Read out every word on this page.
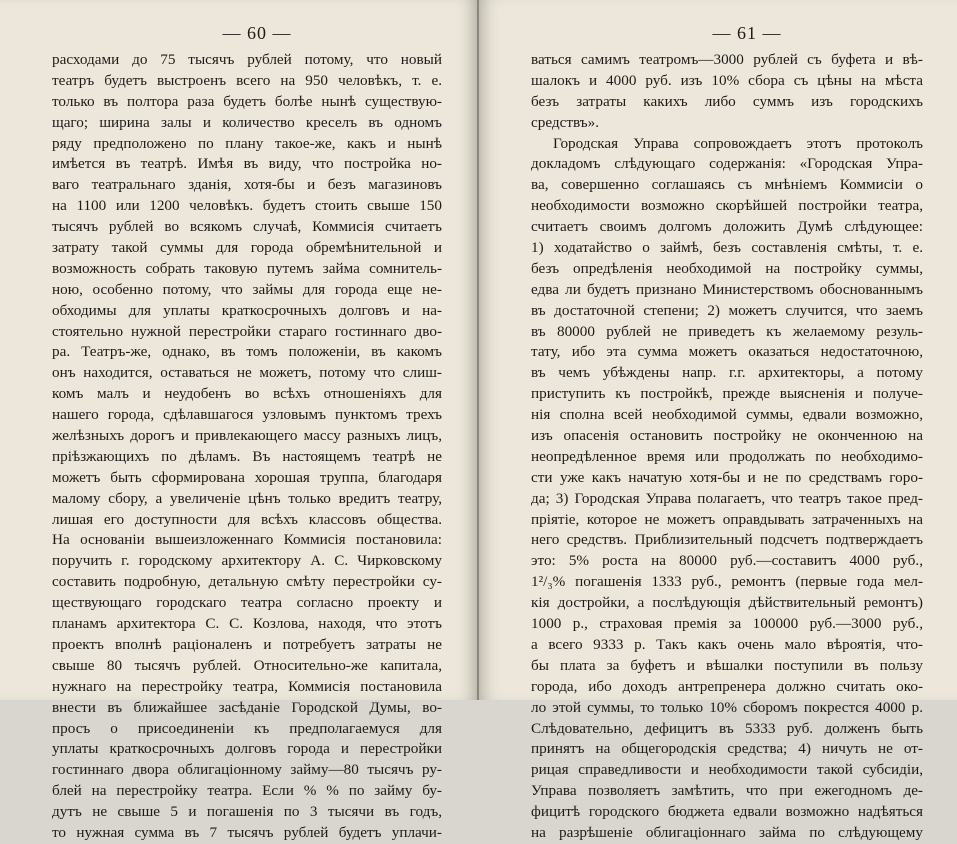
— 60 —
расходами до 75 тысячъ рублей потому, что новый
театръ будетъ выстроенъ всего на 950 человѣкъ, т. е.
только въ полтора раза будетъ болѣе нынѣ существую-
щаго; ширина залы и количество креселъ въ одномъ
ряду предположено по плану такое-же, какъ и нынѣ
имѣется въ театрѣ. Имѣя въ виду, что постройка но-
ваго театральнаго зданія, хотя-бы и безъ магазиновъ
на 1100 или 1200 человѣкъ. будетъ стоить свыше 150
тысячъ рублей во всякомъ случаѣ, Коммисія считаетъ
затрату такой суммы для города обремѣнительной и
возможность собрать таковую путемъ займа сомнитель-
ною, особенно потому, что займы для города еще не-
обходимы для уплаты краткосрочныхъ долговъ и на-
стоятельно нужной перестройки стараго гостиннаго дво-
ра. Театръ-же, однако, въ томъ положеніи, въ какомъ
онъ находится, оставаться не можетъ, потому что слиш-
комъ малъ и неудобенъ во всѣхъ отношеніяхъ для
нашего города, сдѣлавшагося узловымъ пунктомъ трехъ
желѣзныхъ дорогъ и привлекающего массу разныхъ лицъ,
пріѣзжающихъ по дѣламъ. Въ настоящемъ театрѣ не
можетъ быть сформирована хорошая труппа, благодаря
малому сбору, а увеличеніе цѣнъ только вредитъ театру,
лишая его доступности для всѣхъ классовъ общества.
На основаніи вышеизложеннаго Коммисія постановила:
поручить г. городскому архитектору А. С. Чирковскому
составить подробную, детальную смѣту перестройки су-
ществующаго городскаго театра согласно проекту и
планамъ архитектора С. С. Козлова, находя, что этотъ
проектъ вполнѣ раціоналенъ и потребуетъ затраты не
свыше 80 тысячъ рублей. Относительно-же капитала,
нужнаго на перестройку театра, Коммисія постановила
внести въ ближайшее засѣданіе Городской Думы, во-
просъ о присоединеніи къ предполагаемуся для
уплаты краткосрочныхъ долговъ города и перестройки
гостиннаго двора облигаціонному займу—80 тысячъ ру-
блей на перестройку театра. Если % % по займу бу-
дутъ не свыше 5 и погашенія по 3 тысячи въ годъ,
то нужная сумма въ 7 тысячъ рублей будетъ уплачи-
— 61 —
ваться самимъ театромъ—3000 рублей съ буфета и вѣ-
шалокъ и 4000 руб. изъ 10% сбора съ цѣны на мѣста
безъ затраты какихъ либо суммъ изъ городскихъ
средствъ».
Городская Управа сопровождаетъ этотъ протоколъ
докладомъ слѣдующаго содержанія: «Городская Упра-
ва, совершенно соглашаясь съ мнѣніемъ Коммисіи о
необходимости возможно скорѣйшей постройки театра,
считаетъ своимъ долгомъ доложить Думѣ слѣдующее:
1) ходатайство о займѣ, безъ составленія смѣты, т. е.
безъ опредѣленія необходимой на постройку суммы,
едва ли будетъ признано Министерствомъ обоснованнымъ
въ достаточной степени; 2) можетъ случится, что заемъ
въ 80000 рублей не приведетъ къ желаемому резуль-
тату, ибо эта сумма можетъ оказаться недостаточною,
въ чемъ убѣждены напр. г.г. архитекторы, а потому
приступить къ постройкѣ, прежде выясненія и получе-
нія сполна всей необходимой суммы, едвали возможно,
изъ опасенія остановить постройку не оконченною на
неопредѣленное время или продолжать по необходимо-
сти уже какъ начатую хотя-бы и не по средствамъ горо-
да; 3) Городская Управа полагаетъ, что театръ такое пред-
пріятіе, которое не можетъ оправдывать затраченныхъ на
него средствъ. Приблизительный подсчетъ подтверждаетъ
это: 5% роста на 80000 руб.—составитъ 4000 руб.,
1²/₃% погашенія 1333 руб., ремонтъ (первые года мел-
кія достройки, а послѣдующія дѣйствительный ремонтъ)
1000 р., страховая премія за 100000 руб.—3000 руб.,
а всего 9333 р. Такъ какъ очень мало вѣроятія, что-
бы плата за буфетъ и вѣшалки поступили въ пользу
города, ибо доходъ антрепренера должно считать око-
ло этой суммы, то только 10% сборомъ покрестся 4000 р.
Слѣдовательно, дефицитъ въ 5333 руб. долженъ быть
принятъ на общегородскія средства; 4) ничуть не от-
рицая справедливости и необходимости такой субсидіи,
Управа позволяетъ замѣтить, что при ежегодномъ де-
фицитѣ городского бюджета едвали возможно надѣяться
на разрѣшеніе облигаціоннаго займа по слѣдующему
